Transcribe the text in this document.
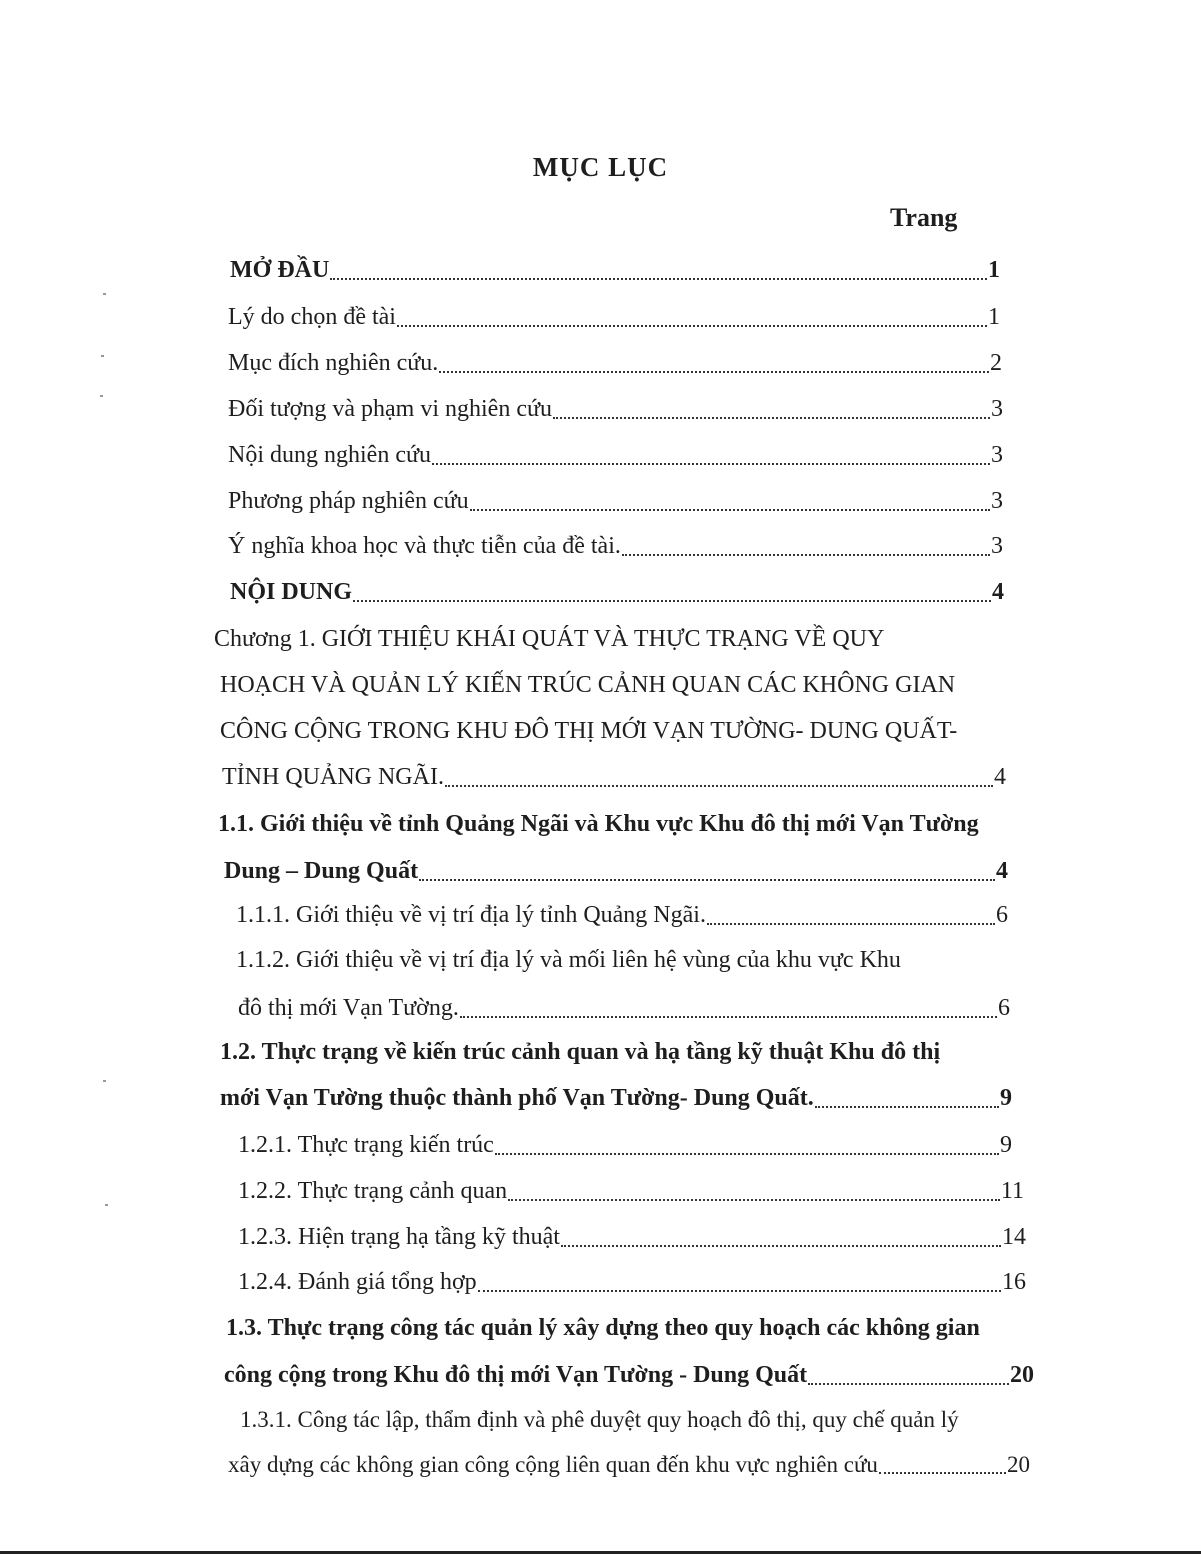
MỤC LỤC
Trang
MỞ ĐẦU	1
Lý do chọn đề tài	1
Mục đích nghiên cứu.	2
Đối tượng và phạm vi nghiên cứu	3
Nội dung nghiên cứu	3
Phương pháp nghiên cứu	3
Ý nghĩa khoa học và thực tiễn của đề tài.	3
NỘI DUNG	4
Chương 1. GIỚI THIỆU KHÁI QUÁT VÀ THỰC TRẠNG VỀ QUY
HOẠCH VÀ QUẢN LÝ KIẾN TRÚC CẢNH QUAN CÁC KHÔNG GIAN
CÔNG CỘNG TRONG KHU ĐÔ THỊ MỚI VẠN TƯỜNG- DUNG QUẤT-
TỈNH QUẢNG NGÃI.	4
1.1. Giới thiệu về tỉnh Quảng Ngãi và Khu vực Khu đô thị mới Vạn Tường
Dung – Dung Quất	4
1.1.1. Giới thiệu về vị trí địa lý tỉnh Quảng Ngãi.	6
1.1.2. Giới thiệu về vị trí địa lý và mối liên hệ vùng của khu vực Khu
đô thị mới Vạn Tường.	6
1.2. Thực trạng về kiến trúc cảnh quan và hạ tầng kỹ thuật Khu đô thị
mới Vạn Tường thuộc thành phố Vạn Tường- Dung Quất.	9
1.2.1. Thực trạng kiến trúc	9
1.2.2. Thực trạng cảnh quan	11
1.2.3. Hiện trạng hạ tầng kỹ thuật	14
1.2.4. Đánh giá tổng hợp	16
1.3. Thực trạng công tác quản lý xây dựng theo quy hoạch các không gian
công cộng trong Khu đô thị mới Vạn Tường - Dung Quất	20
1.3.1. Công tác lập, thẩm định và phê duyệt quy hoạch đô thị, quy chế quản lý
xây dựng các không gian công cộng liên quan đến khu vực nghiên cứu	20
